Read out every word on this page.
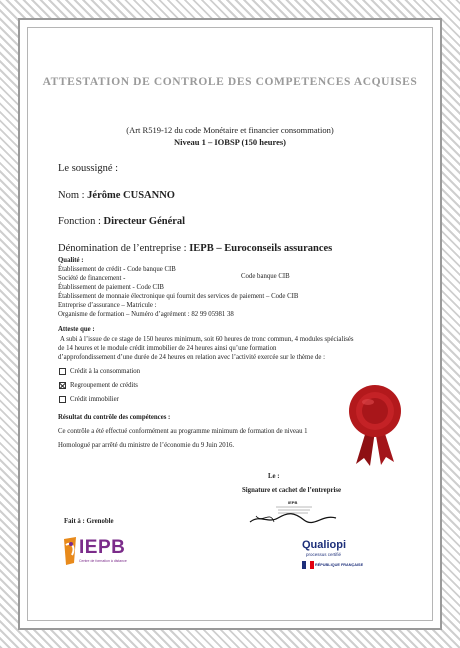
ATTESTATION DE CONTROLE DES COMPETENCES ACQUISES
(Art R519-12 du code Monétaire et financier consommation)
Niveau 1 – IOBSP (150 heures)
Le soussigné :
Nom : Jérôme CUSANNO
Fonction : Directeur Général
Dénomination de l’entreprise : IEPB – Euroconseils assurances
Qualité :
Établissement de crédit - Code banque CIB
Société de financement -	Code banque CIB
Établissement de paiement - Code CIB
Établissement de monnaie électronique qui fournit des services de paiement – Code CIB
Entreprise d’assurance – Matricule :
Organisme de formation – Numéro d’agrément : 82 99 05981 38
Atteste que :
A subi à l’issue de ce stage de 150 heures minimum, soit 60 heures de tronc commun, 4 modules spécialisés
de 14 heures et le module crédit immobilier de 24 heures ainsi qu’une formation
d’approfondissement d’une durée de 24 heures en relation avec l’activité exercée sur le thème de :
Crédit à la consommation
Regroupement de crédits
Crédit immobilier
Résultat du contrôle des compétences :
Ce contrôle a été effectué conformément au programme minimum de formation de niveau 1
Homologué par arrêté du ministre de l’économie du 9 Juin 2016.
Le :
Signature et cachet de l’entreprise
IEPB
Fait à : Grenoble
IEPB
Centre de formation à distance
Qualiopi
processus certifié
RÉPUBLIQUE FRANÇAISE
